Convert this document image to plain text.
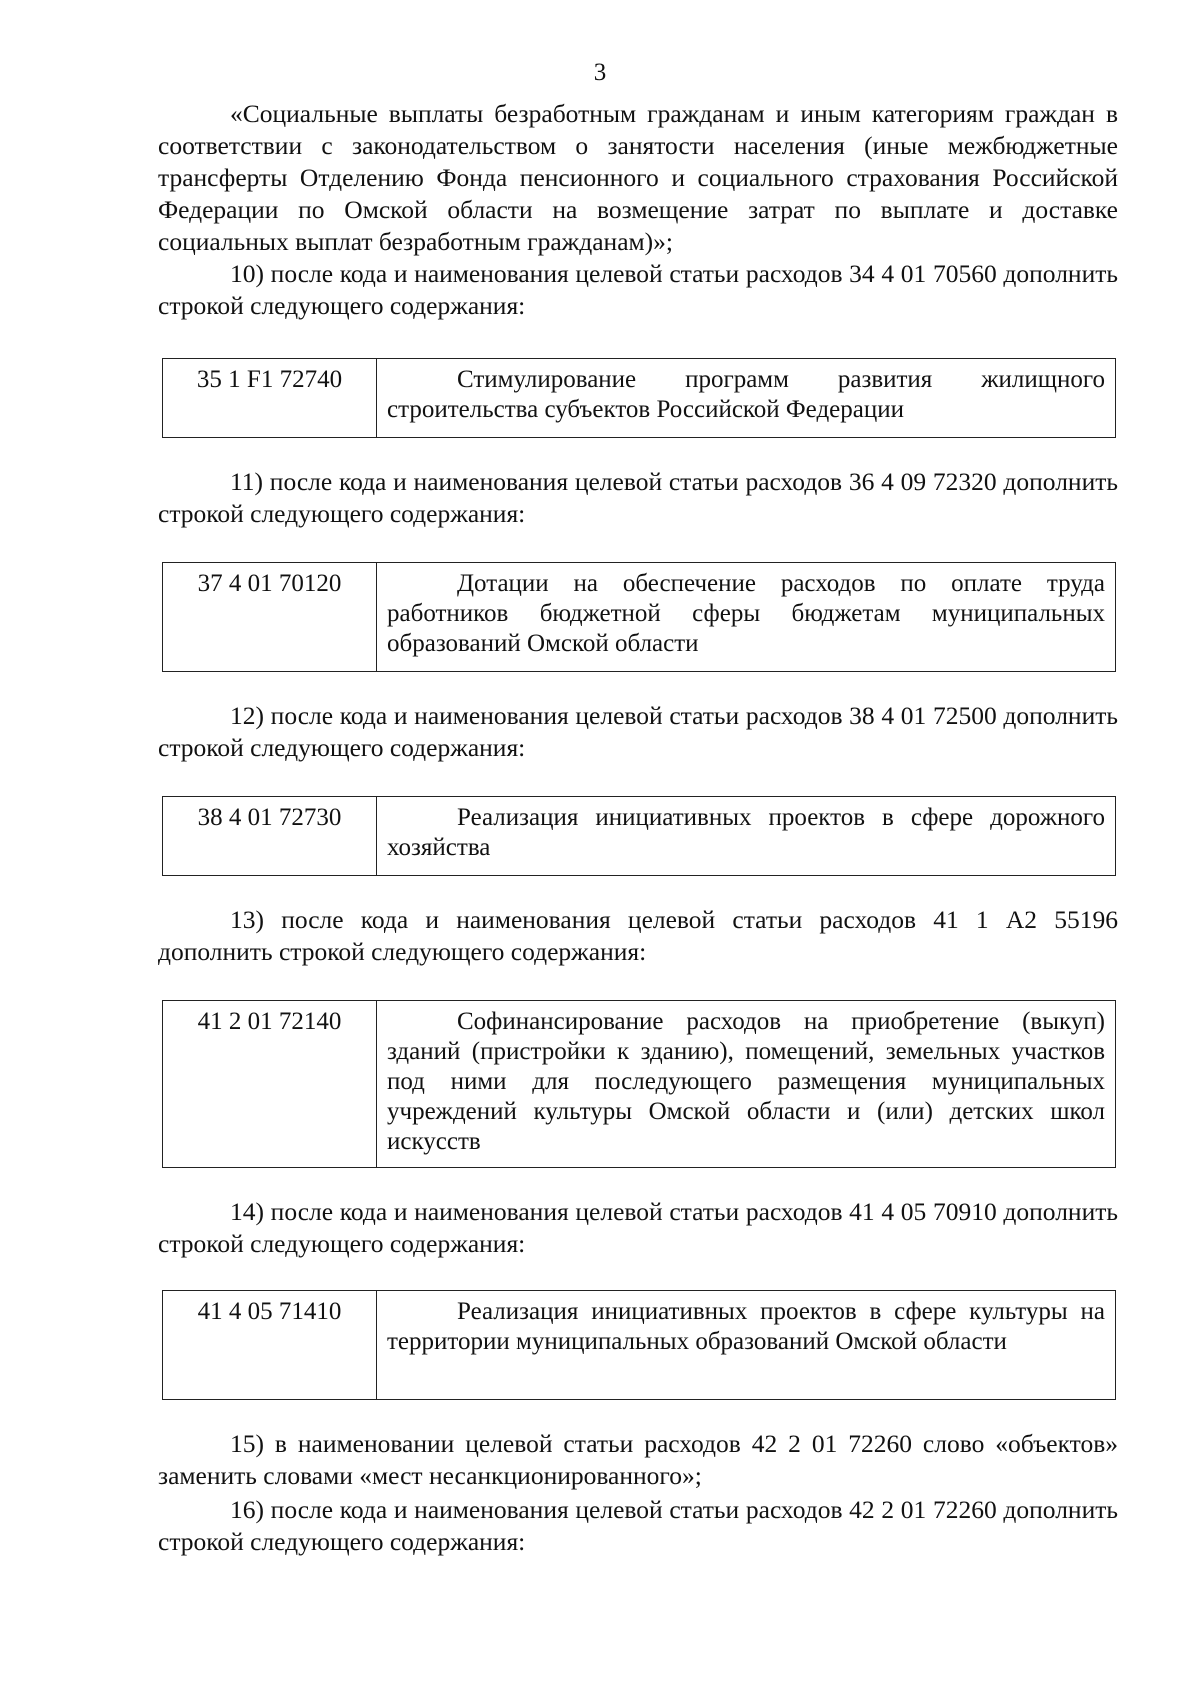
3

«Социальные выплаты безработным гражданам и иным категориям граждан в соответствии с законодательством о занятости населения (иные межбюджетные трансферты Отделению Фонда пенсионного и социального страхования Российской Федерации по Омской области на возмещение затрат по выплате и доставке социальных выплат безработным гражданам)»;

10) после кода и наименования целевой статьи расходов 34 4 01 70560 дополнить строкой следующего содержания:

35 1 F1 72740	Стимулирование программ развития жилищного строительства субъектов Российской Федерации

11) после кода и наименования целевой статьи расходов 36 4 09 72320 дополнить строкой следующего содержания:

37 4 01 70120	Дотации на обеспечение расходов по оплате труда работников бюджетной сферы бюджетам муниципальных образований Омской области

12) после кода и наименования целевой статьи расходов 38 4 01 72500 дополнить строкой следующего содержания:

38 4 01 72730	Реализация инициативных проектов в сфере дорожного хозяйства

13) после кода и наименования целевой статьи расходов 41 1 А2 55196 дополнить строкой следующего содержания:

41 2 01 72140	Софинансирование расходов на приобретение (выкуп) зданий (пристройки к зданию), помещений, земельных участков под ними для последующего размещения муниципальных учреждений культуры Омской области и (или) детских школ искусств

14) после кода и наименования целевой статьи расходов 41 4 05 70910 дополнить строкой следующего содержания:

41 4 05 71410	Реализация инициативных проектов в сфере культуры на территории муниципальных образований Омской области

15) в наименовании целевой статьи расходов 42 2 01 72260 слово «объектов» заменить словами «мест несанкционированного»;

16) после кода и наименования целевой статьи расходов 42 2 01 72260 дополнить строкой следующего содержания:
